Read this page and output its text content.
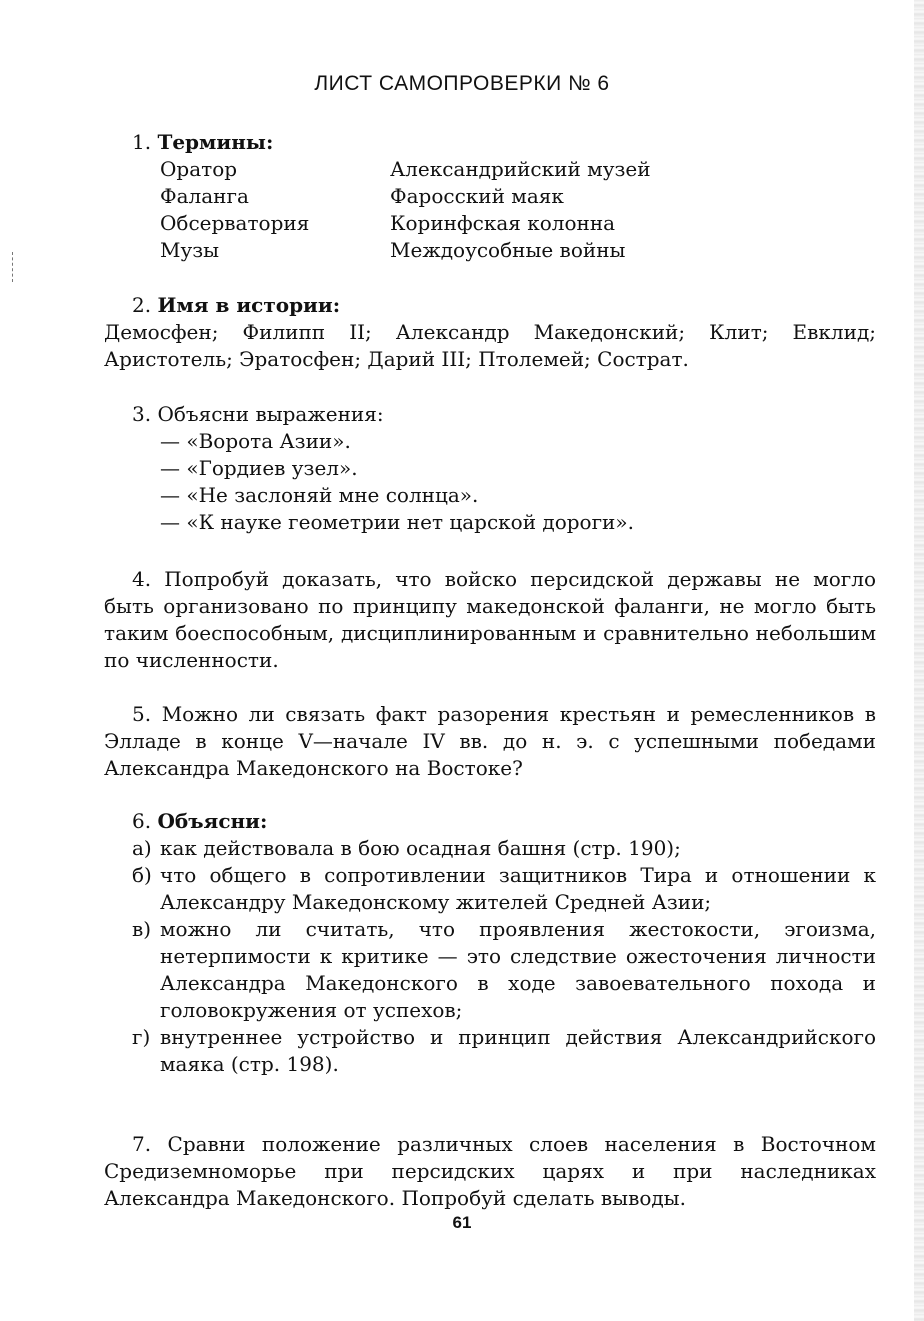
ЛИСТ САМОПРОВЕРКИ № 6
1. Термины:
Оратор	Александрийский музей
Фаланга	Фаросский маяк
Обсерватория	Коринфская колонна
Музы	Междоусобные войны
2. Имя в истории:
Демосфен; Филипп II; Александр Македонский; Клит; Евклид; Аристотель; Эратосфен; Дарий III; Птолемей; Сострат.
3. Объясни выражения:
— «Ворота Азии».
— «Гордиев узел».
— «Не заслоняй мне солнца».
— «К науке геометрии нет царской дороги».
4. Попробуй доказать, что войско персидской державы не могло быть организовано по принципу македонской фаланги, не могло быть таким боеспособным, дисциплинированным и сравнительно небольшим по численности.
5. Можно ли связать факт разорения крестьян и ремесленников в Элладе в конце V—начале IV вв. до н. э. с успешными победами Александра Македонского на Востоке?
6. Объясни:
а) как действовала в бою осадная башня (стр. 190);
б) что общего в сопротивлении защитников Тира и отношении к Александру Македонскому жителей Средней Азии;
в) можно ли считать, что проявления жестокости, эгоизма, нетерпимости к критике — это следствие ожесточения личности Александра Македонского в ходе завоевательного похода и головокружения от успехов;
г) внутреннее устройство и принцип действия Александрийского маяка (стр. 198).
7. Сравни положение различных слоев населения в Восточном Средиземноморье при персидских царях и при наследниках Александра Македонского. Попробуй сделать выводы.
61
